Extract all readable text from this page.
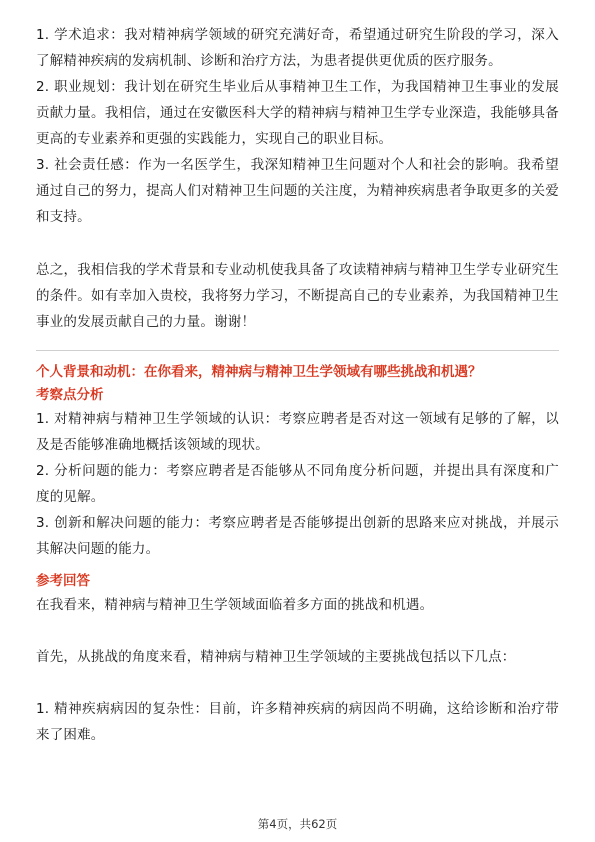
1. 学术追求：我对精神病学领域的研究充满好奇，希望通过研究生阶段的学习，深入了解精神疾病的发病机制、诊断和治疗方法，为患者提供更优质的医疗服务。

2. 职业规划：我计划在研究生毕业后从事精神卫生工作，为我国精神卫生事业的发展贡献力量。我相信，通过在安徽医科大学的精神病与精神卫生学专业深造，我能够具备更高的专业素养和更强的实践能力，实现自己的职业目标。

3. 社会责任感：作为一名医学生，我深知精神卫生问题对个人和社会的影响。我希望通过自己的努力，提高人们对精神卫生问题的关注度，为精神疾病患者争取更多的关爱和支持。

总之，我相信我的学术背景和专业动机使我具备了攻读精神病与精神卫生学专业研究生的条件。如有幸加入贵校，我将努力学习，不断提高自己的专业素养，为我国精神卫生事业的发展贡献自己的力量。谢谢！

个人背景和动机：在你看来，精神病与精神卫生学领域有哪些挑战和机遇？

考察点分析

1. 对精神病与精神卫生学领域的认识：考察应聘者是否对这一领域有足够的了解，以及是否能够准确地概括该领域的现状。

2. 分析问题的能力：考察应聘者是否能够从不同角度分析问题，并提出具有深度和广度的见解。

3. 创新和解决问题的能力：考察应聘者是否能够提出创新的思路来应对挑战，并展示其解决问题的能力。

参考回答

在我看来，精神病与精神卫生学领域面临着多方面的挑战和机遇。

首先，从挑战的角度来看，精神病与精神卫生学领域的主要挑战包括以下几点：

1. 精神疾病病因的复杂性：目前，许多精神疾病的病因尚不明确，这给诊断和治疗带来了困难。

第4页，共62页
